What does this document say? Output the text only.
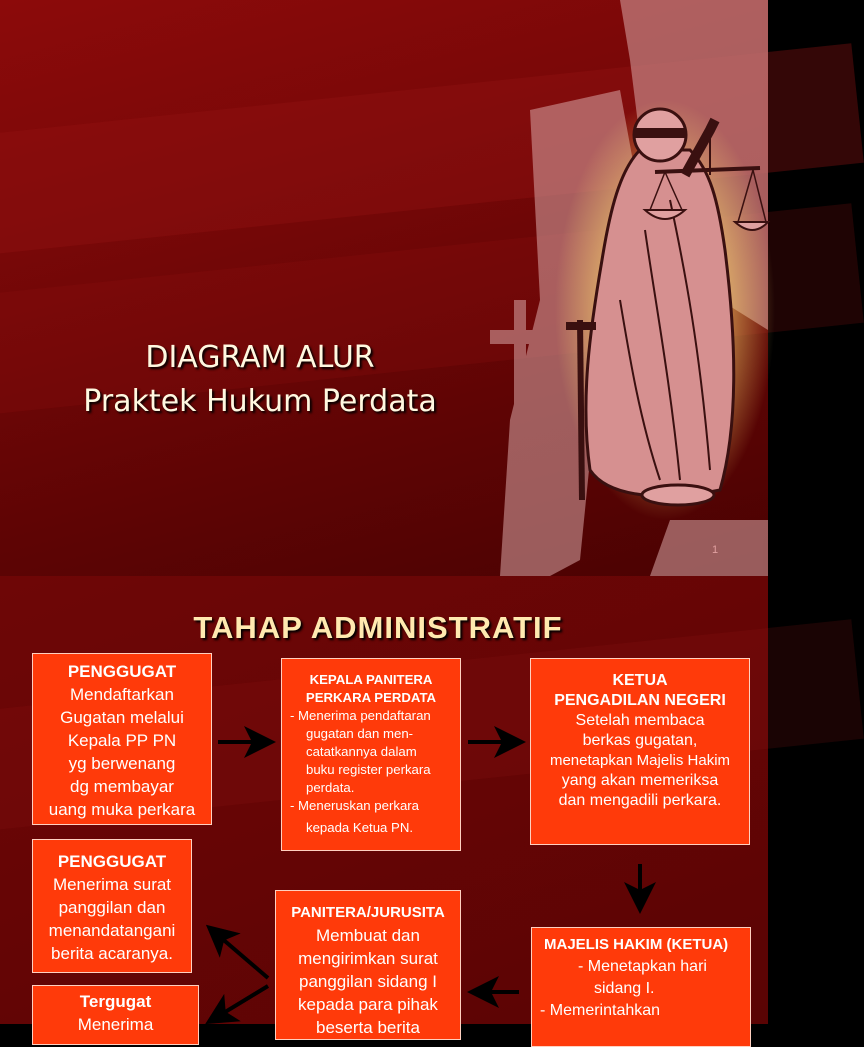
DIAGRAM ALUR
Praktek Hukum Perdata
1
TAHAP ADMINISTRATIF
PENGGUGAT
Mendaftarkan
Gugatan melalui
Kepala PP PN
yg berwenang
dg membayar
uang muka perkara
KEPALA PANITERA
PERKARA PERDATA
- Menerima pendaftaran
gugatan dan men-
catatkannya dalam
buku register perkara
perdata.
- Meneruskan perkara
kepada Ketua PN.
KETUA
PENGADILAN NEGERI
Setelah membaca
berkas gugatan,
menetapkan Majelis Hakim
yang akan memeriksa
dan mengadili perkara.
PENGGUGAT
Menerima surat
panggilan dan
menandatangani
berita acaranya.
PANITERA/JURUSITA
Membuat dan
mengirimkan surat
panggilan sidang I
kepada para pihak
beserta berita
MAJELIS HAKIM (KETUA)
- Menetapkan hari
sidang I.
- Memerintahkan
Tergugat
Menerima
